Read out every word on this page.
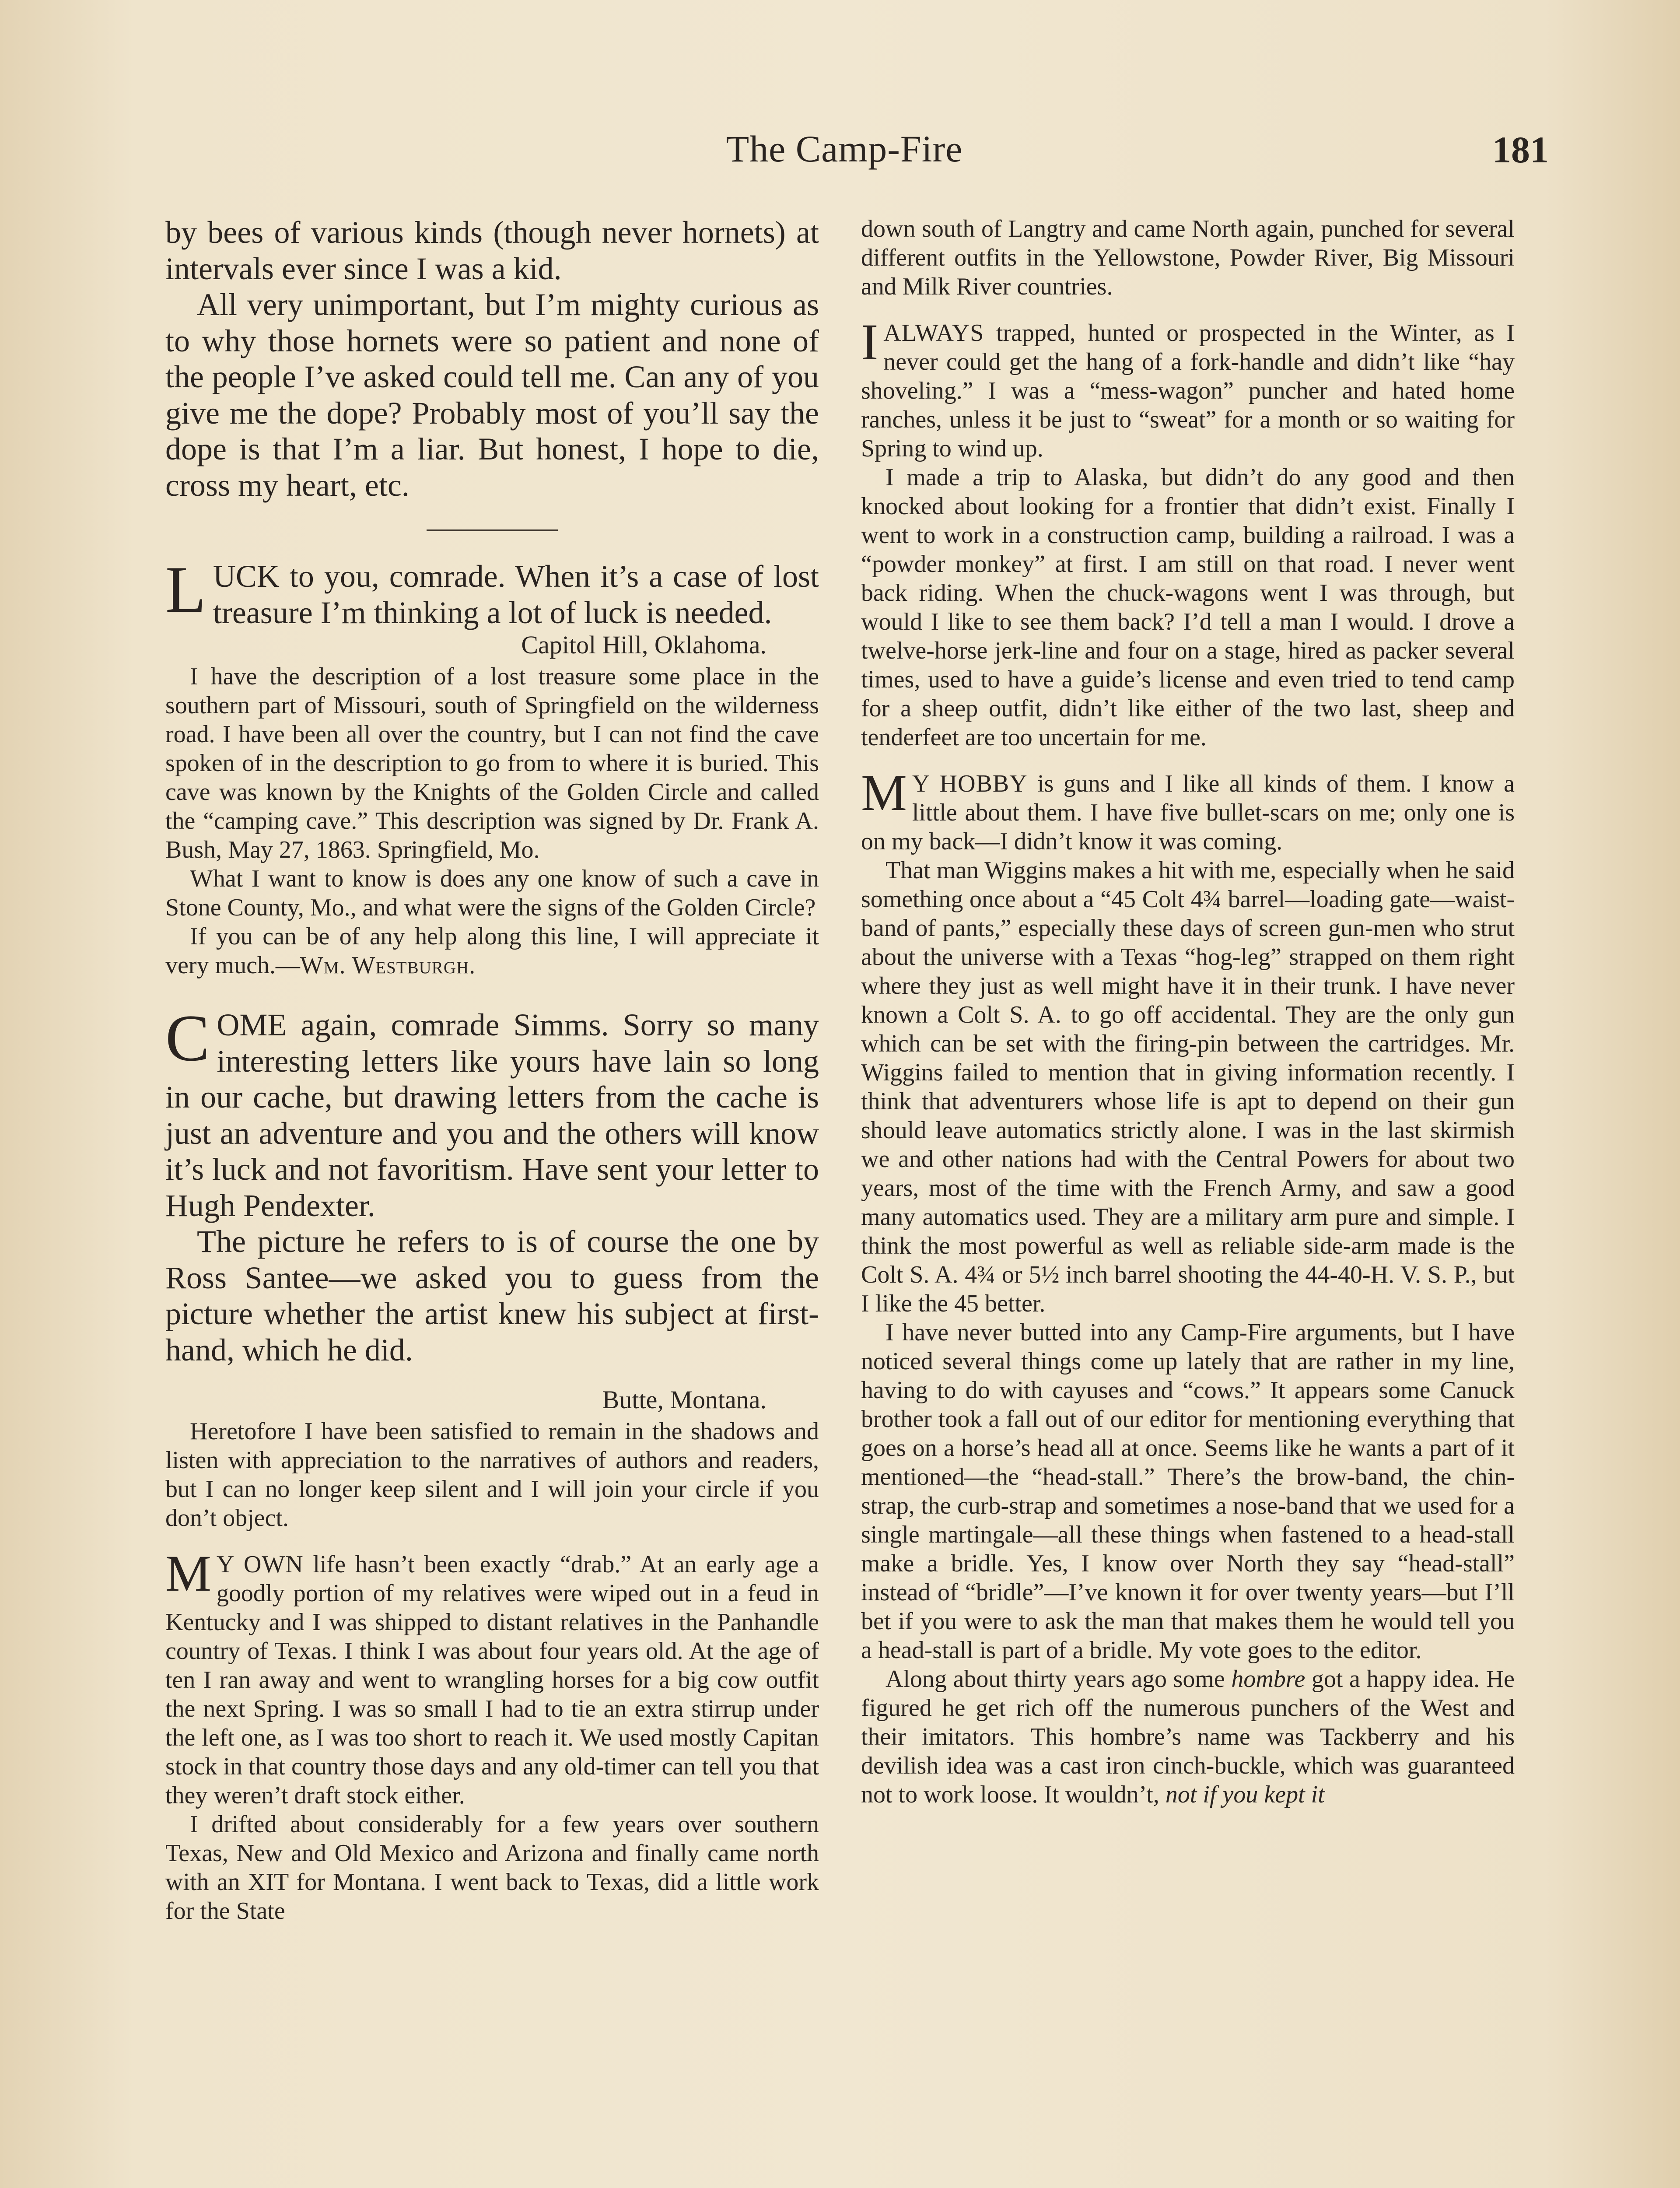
The Camp-Fire	181

by bees of various kinds (though never hornets) at intervals ever since I was a kid.

All very unimportant, but I’m mighty curious as to why those hornets were so patient and none of the people I’ve asked could tell me. Can any of you give me the dope? Probably most of you’ll say the dope is that I’m a liar. But honest, I hope to die, cross my heart, etc.

LUCK to you, comrade. When it’s a case of lost treasure I’m thinking a lot of luck is needed.

Capitol Hill, Oklahoma.

I have the description of a lost treasure some place in the southern part of Missouri, south of Springfield on the wilderness road. I have been all over the country, but I can not find the cave spoken of in the description to go from to where it is buried. This cave was known by the Knights of the Golden Circle and called the “camping cave.” This description was signed by Dr. Frank A. Bush, May 27, 1863. Springfield, Mo.

What I want to know is does any one know of such a cave in Stone County, Mo., and what were the signs of the Golden Circle?

If you can be of any help along this line, I will appreciate it very much.—Wm. Westburgh.

COME again, comrade Simms. Sorry so many interesting letters like yours have lain so long in our cache, but drawing letters from the cache is just an adventure and you and the others will know it’s luck and not favoritism. Have sent your letter to Hugh Pendexter.

The picture he refers to is of course the one by Ross Santee—we asked you to guess from the picture whether the artist knew his subject at first-hand, which he did.

Butte, Montana.

Heretofore I have been satisfied to remain in the shadows and listen with appreciation to the narratives of authors and readers, but I can no longer keep silent and I will join your circle if you don’t object.

M Y OWN life hasn’t been exactly “drab.” At an early age a goodly portion of my relatives were wiped out in a feud in Kentucky and I was shipped to distant relatives in the Panhandle country of Texas. I think I was about four years old. At the age of ten I ran away and went to wrangling horses for a big cow outfit the next Spring. I was so small I had to tie an extra stirrup under the left one, as I was too short to reach it. We used mostly Capitan stock in that country those days and any old-timer can tell you that they weren’t draft stock either.

I drifted about considerably for a few years over southern Texas, New and Old Mexico and Arizona and finally came north with an XIT for Montana. I went back to Texas, did a little work for the State

down south of Langtry and came North again, punched for several different outfits in the Yellowstone, Powder River, Big Missouri and Milk River countries.

IALWAYS trapped, hunted or prospected in the Winter, as I never could get the hang of a fork-handle and didn’t like “hay shoveling.” I was a “mess-wagon” puncher and hated home ranches, unless it be just to “sweat” for a month or so waiting for Spring to wind up.

I made a trip to Alaska, but didn’t do any good and then knocked about looking for a frontier that didn’t exist. Finally I went to work in a construction camp, building a railroad. I was a “powder monkey” at first. I am still on that road. I never went back riding. When the chuck-wagons went I was through, but would I like to see them back? I’d tell a man I would. I drove a twelve-horse jerk-line and four on a stage, hired as packer several times, used to have a guide’s license and even tried to tend camp for a sheep outfit, didn’t like either of the two last, sheep and tenderfeet are too uncertain for me.

M Y HOBBY is guns and I like all kinds of them. I know a little about them. I have five bullet-scars on me; only one is on my back—I didn’t know it was coming.

That man Wiggins makes a hit with me, especially when he said something once about a “45 Colt 4¾ barrel—loading gate—waist-band of pants,” especially these days of screen gun-men who strut about the universe with a Texas “hog-leg” strapped on them right where they just as well might have it in their trunk. I have never known a Colt S. A. to go off accidental. They are the only gun which can be set with the firing-pin between the cartridges. Mr. Wiggins failed to mention that in giving information recently. I think that adventurers whose life is apt to depend on their gun should leave automatics strictly alone. I was in the last skirmish we and other nations had with the Central Powers for about two years, most of the time with the French Army, and saw a good many automatics used. They are a military arm pure and simple. I think the most powerful as well as reliable side-arm made is the Colt S. A. 4¾ or 5½ inch barrel shooting the 44-40-H. V. S. P., but I like the 45 better.

I have never butted into any Camp-Fire arguments, but I have noticed several things come up lately that are rather in my line, having to do with cayuses and “cows.” It appears some Canuck brother took a fall out of our editor for mentioning everything that goes on a horse’s head all at once. Seems like he wants a part of it mentioned—the “head-stall.” There’s the brow-band, the chin-strap, the curb-strap and sometimes a nose-band that we used for a single martingale—all these things when fastened to a head-stall make a bridle. Yes, I know over North they say “head-stall” instead of “bridle”—I’ve known it for over twenty years—but I’ll bet if you were to ask the man that makes them he would tell you a head-stall is part of a bridle. My vote goes to the editor.

Along about thirty years ago some hombre got a happy idea. He figured he get rich off the numerous punchers of the West and their imitators. This hombre’s name was Tackberry and his devilish idea was a cast iron cinch-buckle, which was guaranteed not to work loose. It wouldn’t, not if you kept it
